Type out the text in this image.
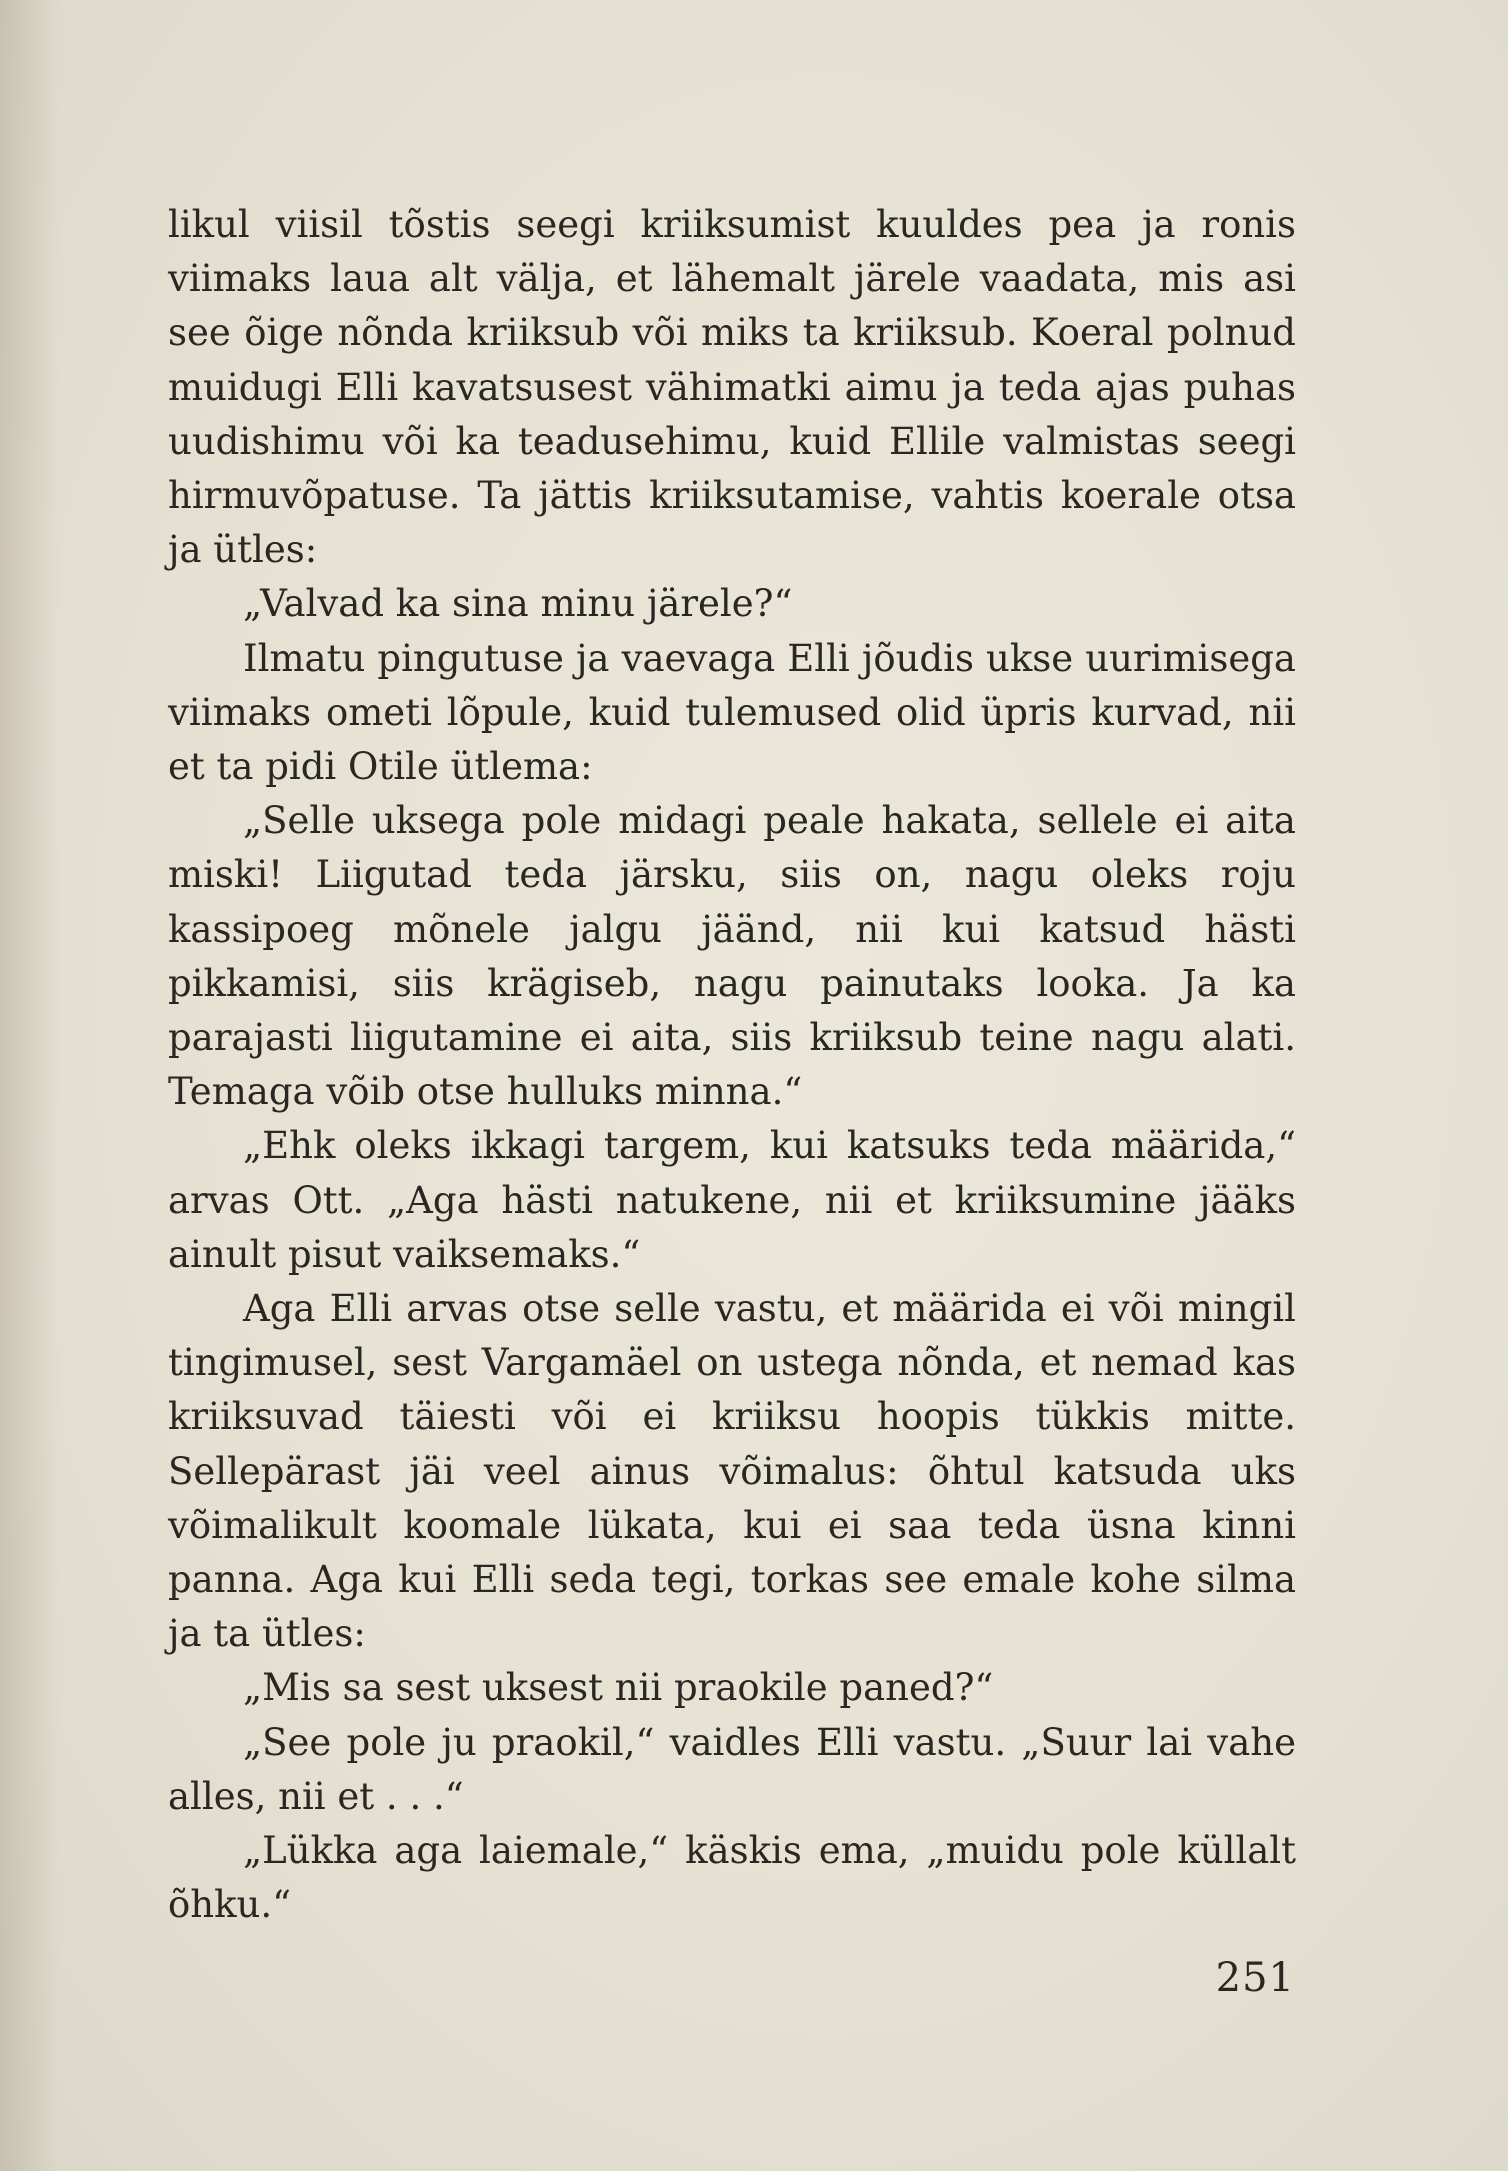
likul viisil tõstis seegi kriiksumist kuuldes pea ja ronis viimaks laua alt välja, et lähemalt järele vaadata, mis asi see õige nõnda kriiksub või miks ta kriiksub. Koeral polnud muidugi Elli kavatsusest vähimatki aimu ja teda ajas puhas uudishimu või ka teadusehimu, kuid Ellile valmistas seegi hirmuvõpatuse. Ta jättis kriiksutamise, vahtis koerale otsa ja ütles:

„Valvad ka sina minu järele?“

Ilmatu pingutuse ja vaevaga Elli jõudis ukse uurimisega viimaks ometi lõpule, kuid tulemused olid üpris kurvad, nii et ta pidi Otile ütlema:

„Selle uksega pole midagi peale hakata, sellele ei aita miski! Liigutad teda järsku, siis on, nagu oleks roju kassipoeg mõnele jalgu jäänd, nii kui katsud hästi pikkamisi, siis krägiseb, nagu painutaks looka. Ja ka parajasti liigutamine ei aita, siis kriiksub teine nagu alati. Temaga võib otse hulluks minna.“

„Ehk oleks ikkagi targem, kui katsuks teda määrida,“ arvas Ott. „Aga hästi natukene, nii et kriiksumine jääks ainult pisut vaiksemaks.“

Aga Elli arvas otse selle vastu, et määrida ei või mingil tingimusel, sest Vargamäel on ustega nõnda, et nemad kas kriiksuvad täiesti või ei kriiksu hoopis tükkis mitte. Sellepärast jäi veel ainus võimalus: õhtul katsuda uks võimalikult koomale lükata, kui ei saa teda üsna kinni panna. Aga kui Elli seda tegi, torkas see emale kohe silma ja ta ütles:

„Mis sa sest uksest nii praokile paned?“

„See pole ju praokil,“ vaidles Elli vastu. „Suur lai vahe alles, nii et . . .“

„Lükka aga laiemale,“ käskis ema, „muidu pole küllalt õhku.“

251
